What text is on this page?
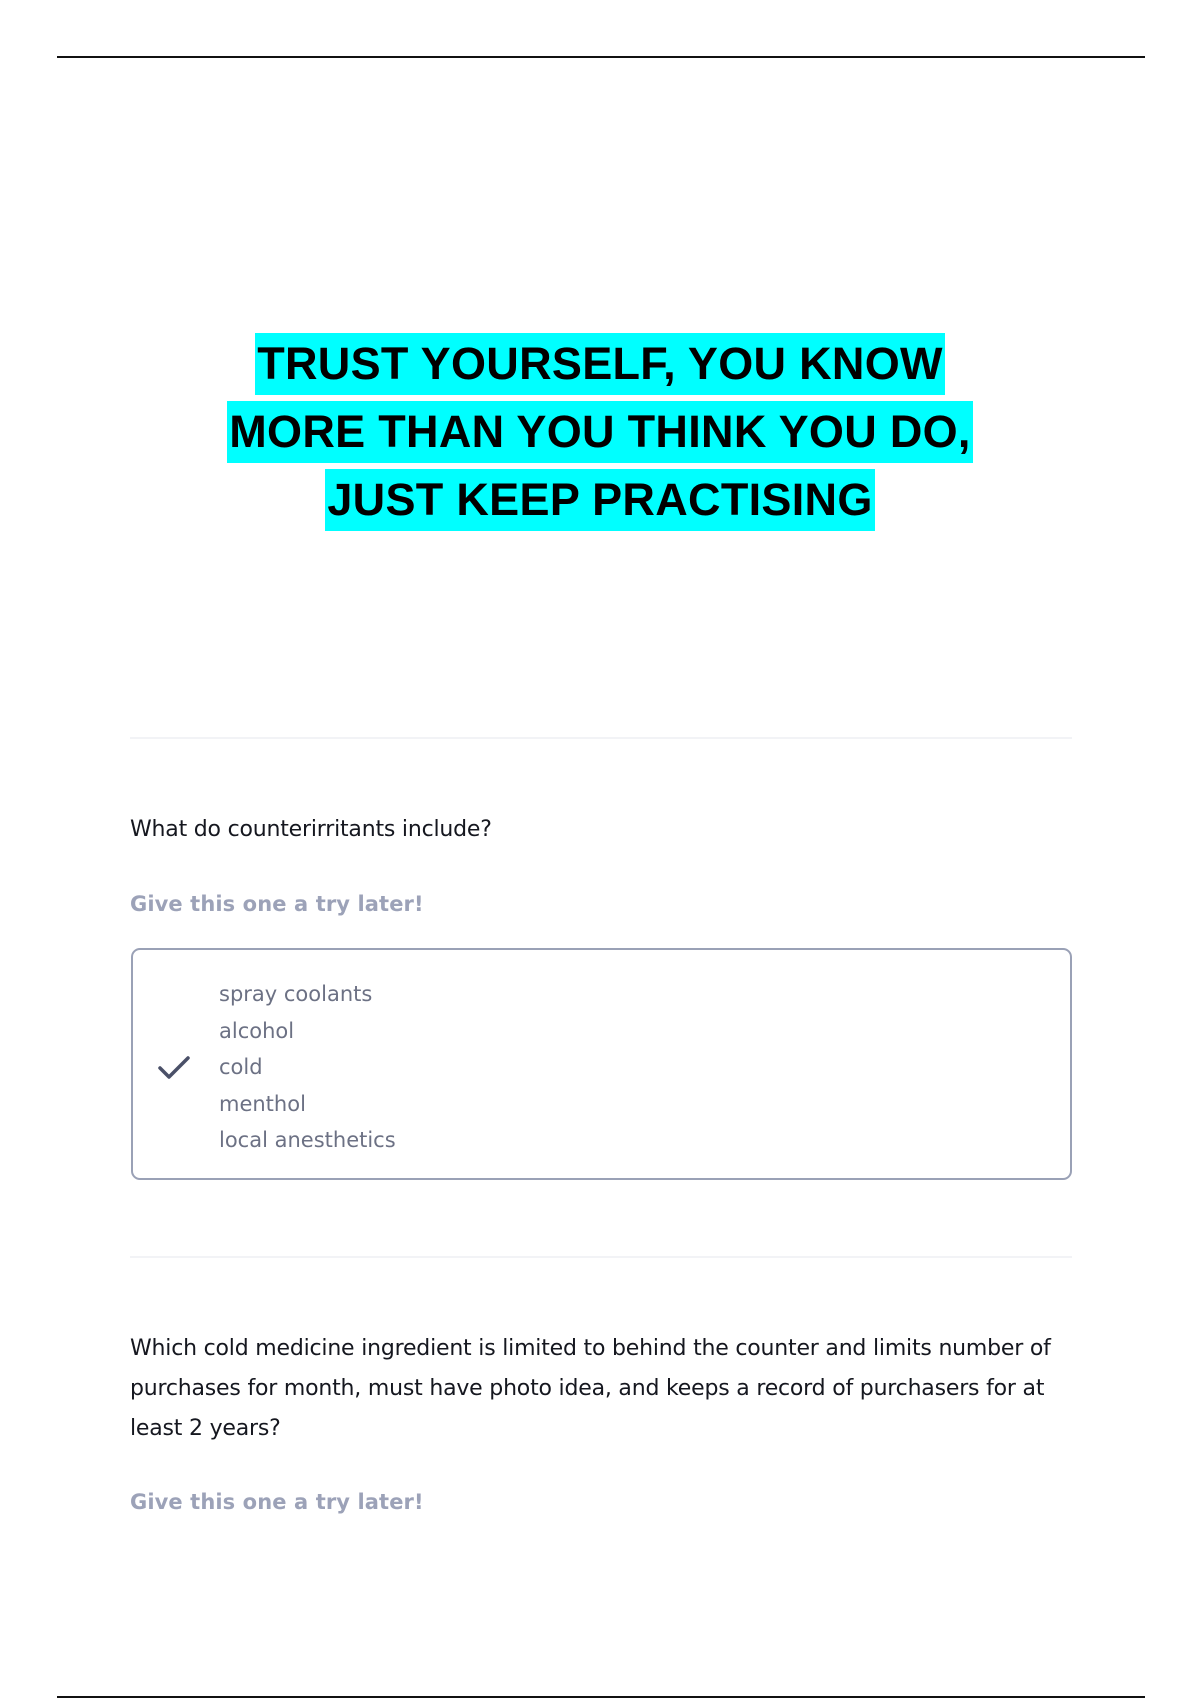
TRUST YOURSELF, YOU KNOW
MORE THAN YOU THINK YOU DO,
JUST KEEP PRACTISING
What do counterirritants include?
Give this one a try later!
spray coolants
alcohol
cold
menthol
local anesthetics
Which cold medicine ingredient is limited to behind the counter and limits number of purchases for month, must have photo idea, and keeps a record of purchasers for at least 2 years?
Give this one a try later!
